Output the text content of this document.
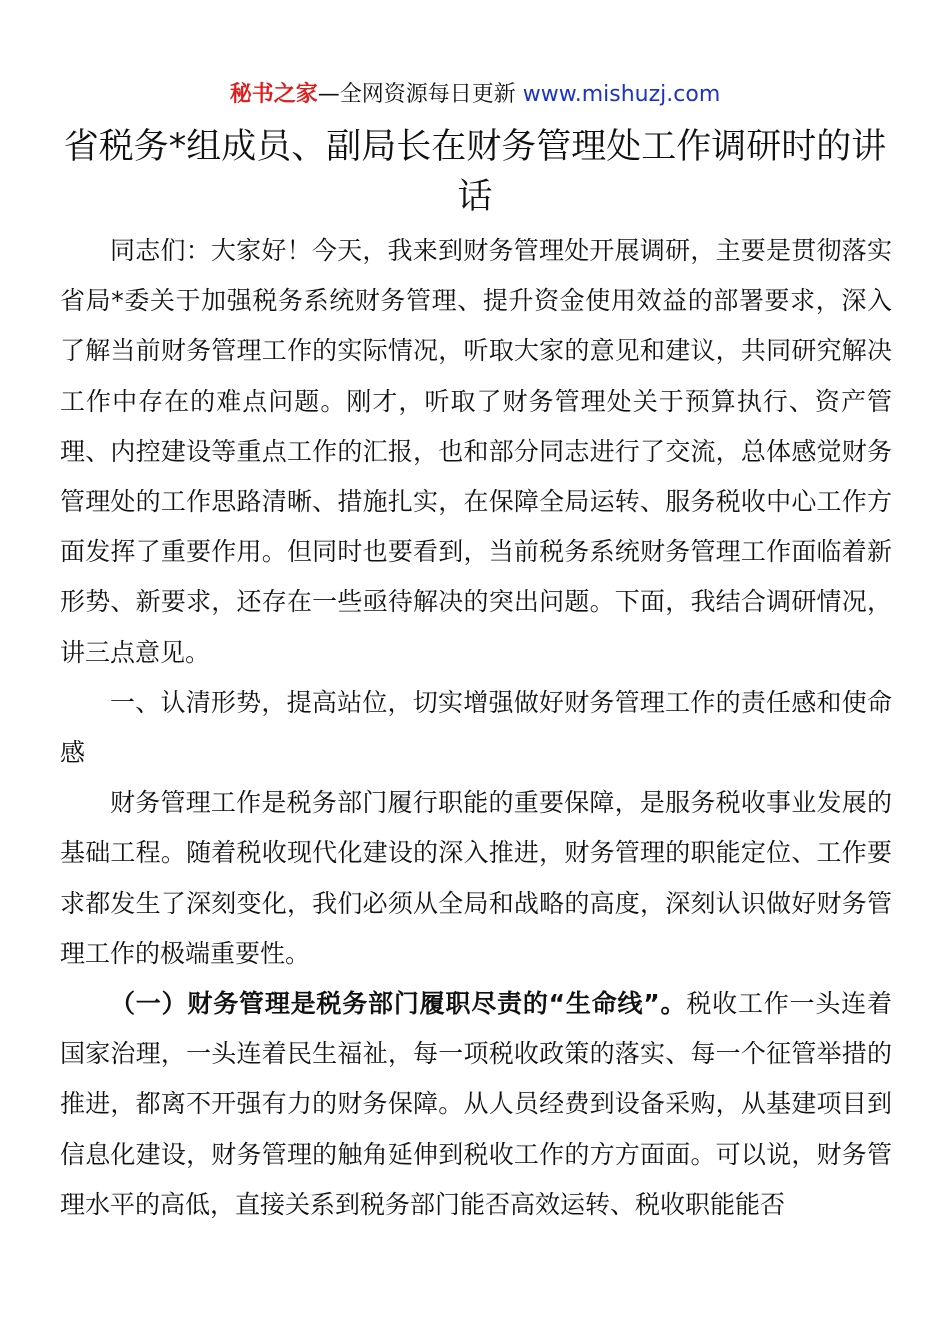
秘书之家—全网资源每日更新 www.mishuzj.com
省税务*组成员、副局长在财务管理处工作调研时的讲话

同志们：大家好！今天，我来到财务管理处开展调研，主要是贯彻落实省局*委关于加强税务系统财务管理、提升资金使用效益的部署要求，深入了解当前财务管理工作的实际情况，听取大家的意见和建议，共同研究解决工作中存在的难点问题。刚才，听取了财务管理处关于预算执行、资产管理、内控建设等重点工作的汇报，也和部分同志进行了交流，总体感觉财务管理处的工作思路清晰、措施扎实，在保障全局运转、服务税收中心工作方面发挥了重要作用。但同时也要看到，当前税务系统财务管理工作面临着新形势、新要求，还存在一些亟待解决的突出问题。下面，我结合调研情况，讲三点意见。

一、认清形势，提高站位，切实增强做好财务管理工作的责任感和使命感

财务管理工作是税务部门履行职能的重要保障，是服务税收事业发展的基础工程。随着税收现代化建设的深入推进，财务管理的职能定位、工作要求都发生了深刻变化，我们必须从全局和战略的高度，深刻认识做好财务管理工作的极端重要性。

（一）财务管理是税务部门履职尽责的“生命线”。税收工作一头连着国家治理，一头连着民生福祉，每一项税收政策的落实、每一个征管举措的推进，都离不开强有力的财务保障。从人员经费到设备采购，从基建项目到信息化建设，财务管理的触角延伸到税收工作的方方面面。可以说，财务管理水平的高低，直接关系到税务部门能否高效运转、税收职能能否
